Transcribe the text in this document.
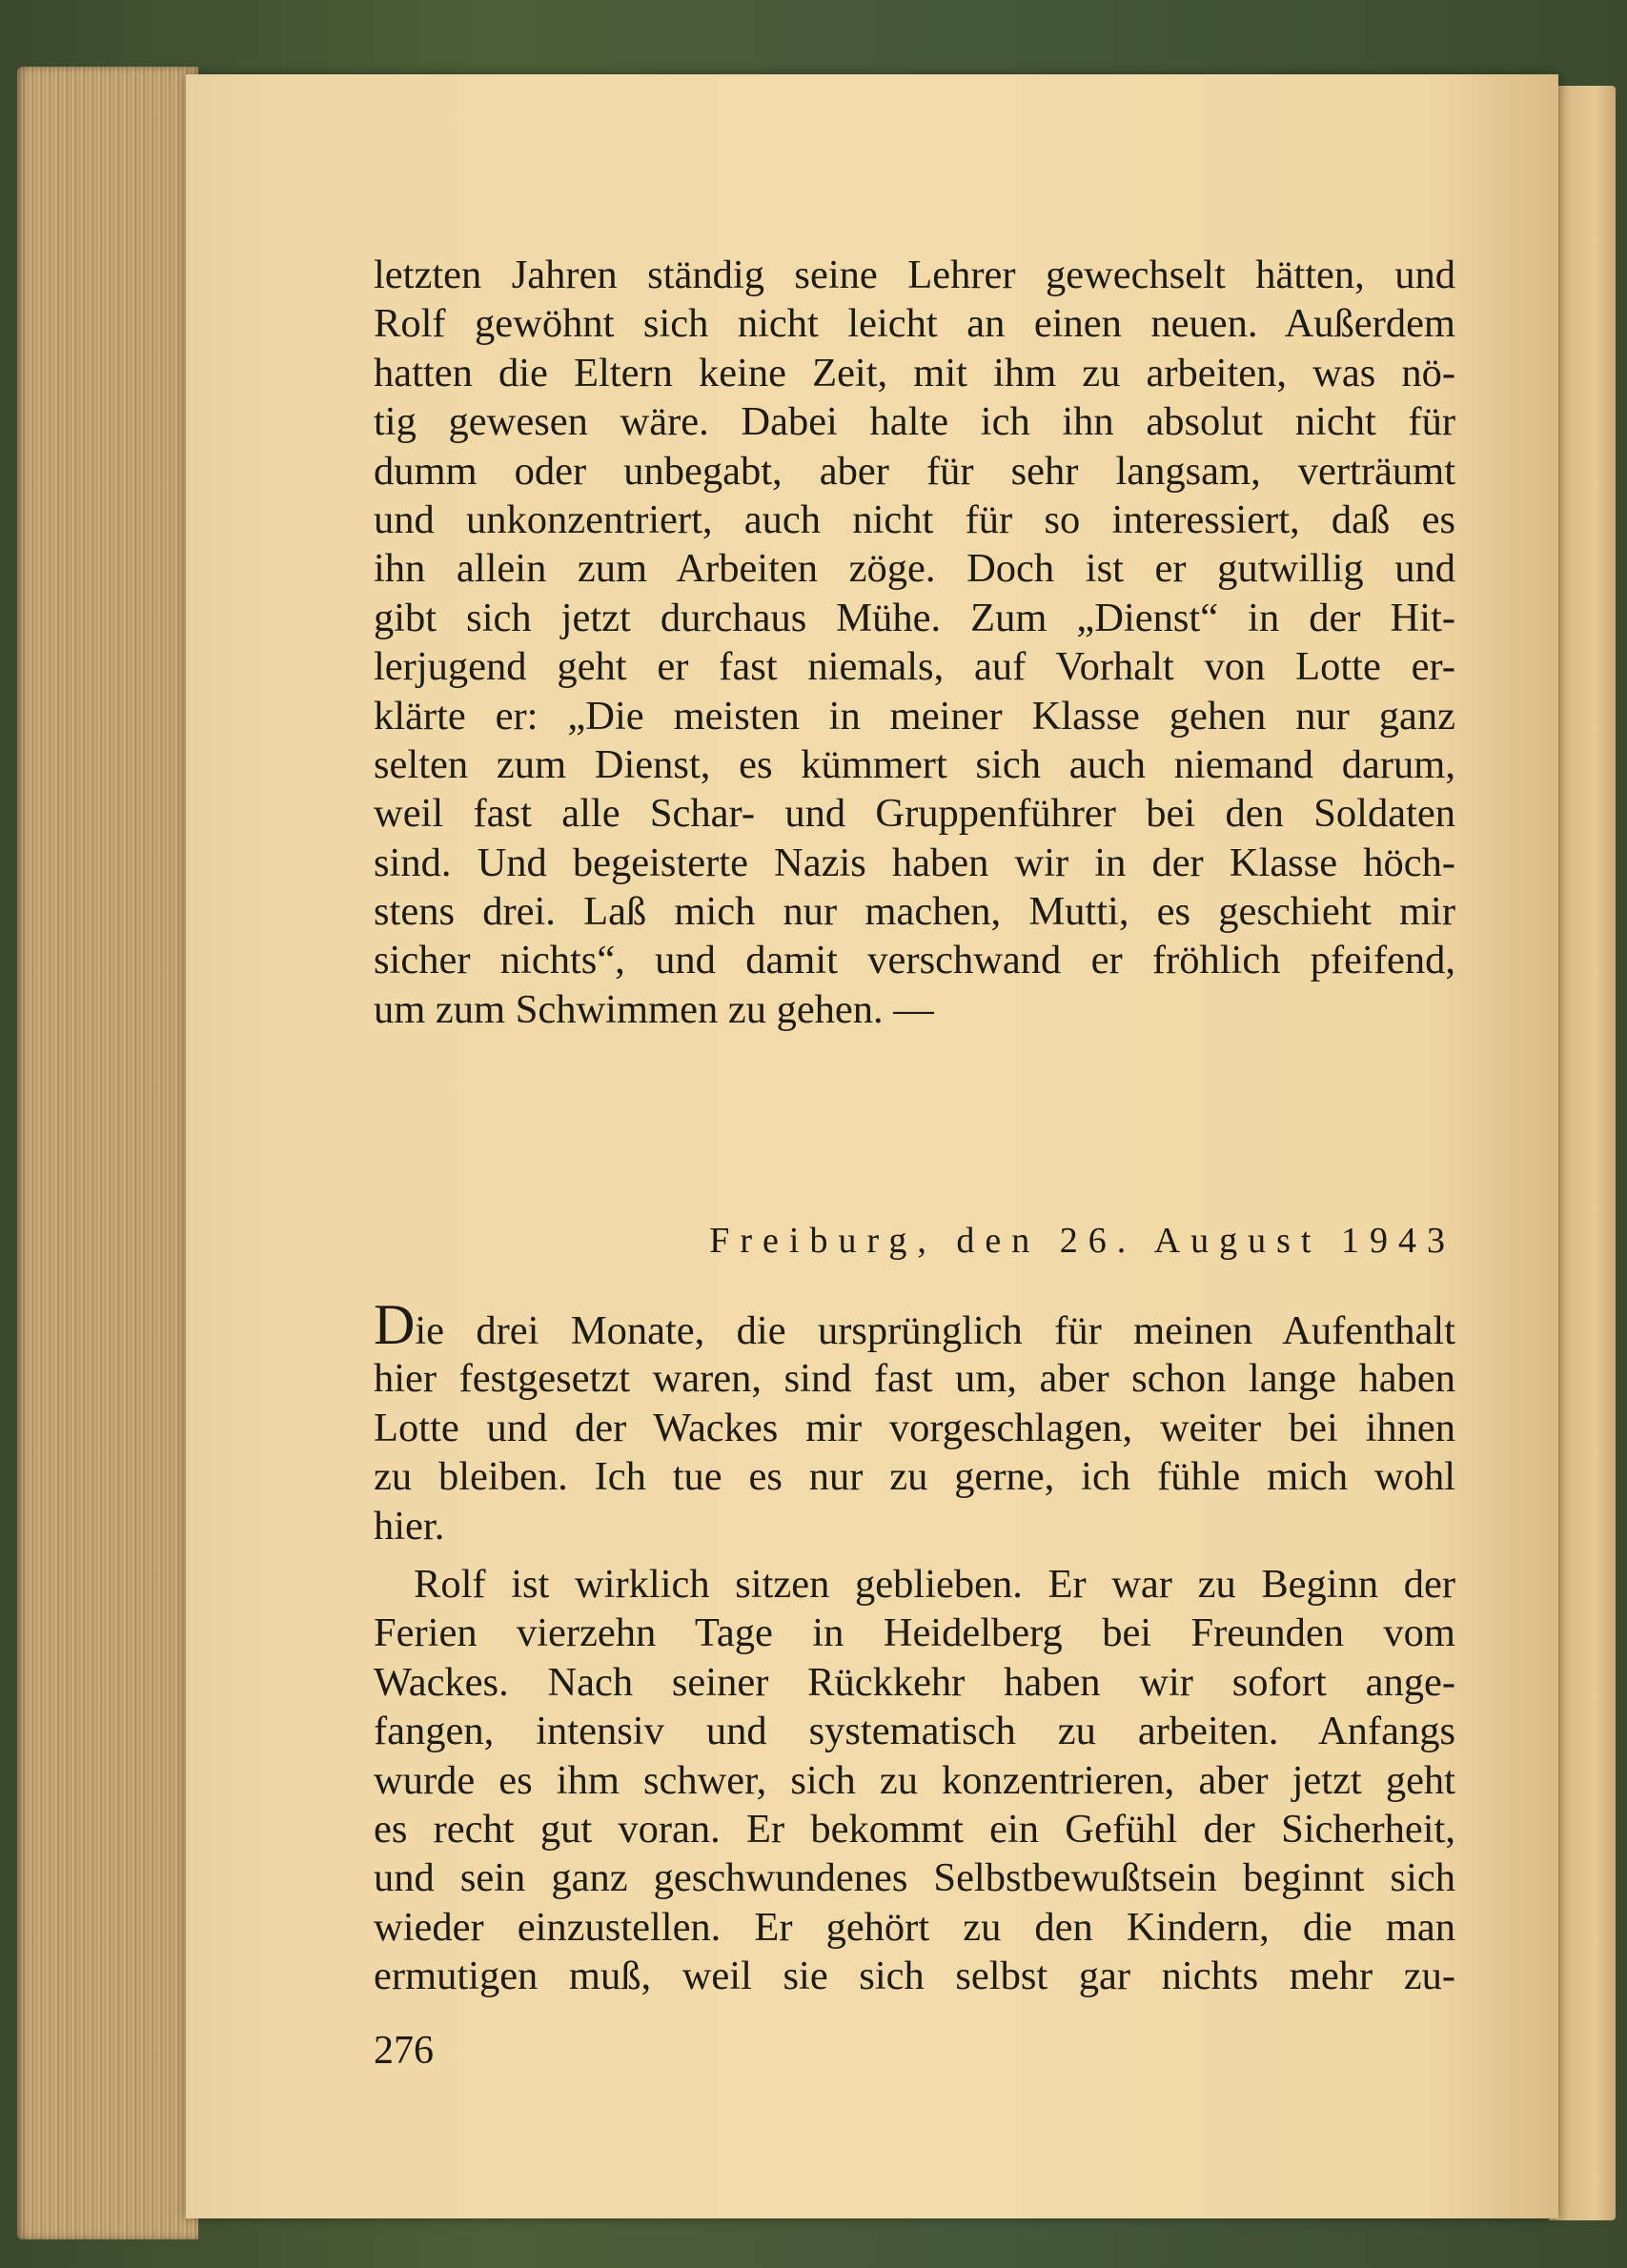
letzten Jahren ständig seine Lehrer gewechselt hätten, und
Rolf gewöhnt sich nicht leicht an einen neuen. Außerdem
hatten die Eltern keine Zeit, mit ihm zu arbeiten, was nö-
tig gewesen wäre. Dabei halte ich ihn absolut nicht für
dumm oder unbegabt, aber für sehr langsam, verträumt
und unkonzentriert, auch nicht für so interessiert, daß es
ihn allein zum Arbeiten zöge. Doch ist er gutwillig und
gibt sich jetzt durchaus Mühe. Zum „Dienst“ in der Hit-
lerjugend geht er fast niemals, auf Vorhalt von Lotte er-
klärte er: „Die meisten in meiner Klasse gehen nur ganz
selten zum Dienst, es kümmert sich auch niemand darum,
weil fast alle Schar- und Gruppenführer bei den Soldaten
sind. Und begeisterte Nazis haben wir in der Klasse höch-
stens drei. Laß mich nur machen, Mutti, es geschieht mir
sicher nichts“, und damit verschwand er fröhlich pfeifend,
um zum Schwimmen zu gehen. —
Freiburg, den 26. August 1943
Die drei Monate, die ursprünglich für meinen Aufenthalt
hier festgesetzt waren, sind fast um, aber schon lange haben
Lotte und der Wackes mir vorgeschlagen, weiter bei ihnen
zu bleiben. Ich tue es nur zu gerne, ich fühle mich wohl
hier.
Rolf ist wirklich sitzen geblieben. Er war zu Beginn der
Ferien vierzehn Tage in Heidelberg bei Freunden vom
Wackes. Nach seiner Rückkehr haben wir sofort ange-
fangen, intensiv und systematisch zu arbeiten. Anfangs
wurde es ihm schwer, sich zu konzentrieren, aber jetzt geht
es recht gut voran. Er bekommt ein Gefühl der Sicherheit,
und sein ganz geschwundenes Selbstbewußtsein beginnt sich
wieder einzustellen. Er gehört zu den Kindern, die man
ermutigen muß, weil sie sich selbst gar nichts mehr zu-
276
